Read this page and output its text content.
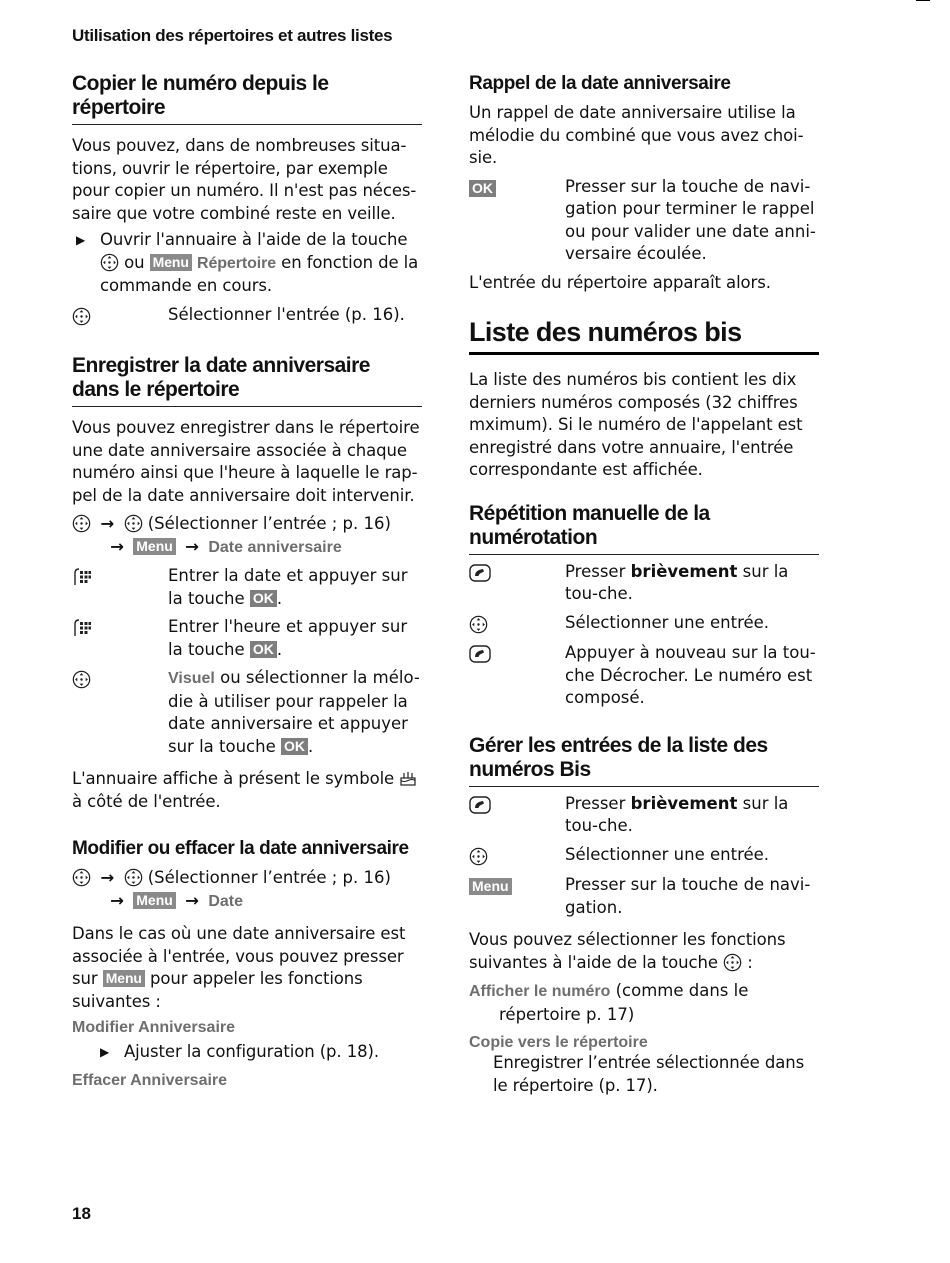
Utilisation des répertoires et autres listes
Copier le numéro depuis le répertoire

Vous pouvez, dans de nombreuses situa-tions, ouvrir le répertoire, par exemple pour copier un numéro. Il n'est pas néces-saire que votre combiné reste en veille.

▶ Ouvrir l'annuaire à l'aide de la touche  ou Menu Répertoire en fonction de la commande en cours.
Sélectionner l'entrée (p. 16).
Enregistrer la date anniversaire dans le répertoire

Vous pouvez enregistrer dans le répertoire une date anniversaire associée à chaque numéro ainsi que l'heure à laquelle le rap-pel de la date anniversaire doit intervenir.

→ (Sélectionner l’entrée ; p. 16)
→ Menu → Date anniversaire
Entrer la date et appuyer sur la touche OK .
Entrer l'heure et appuyer sur la touche OK .
Visuel ou sélectionner la mélo-die à utiliser pour rappeler la date anniversaire et appuyer sur la touche OK .

L'annuaire affiche à présent le symbole  à côté de l'entrée.

Modifier ou effacer la date anniversaire
→ (Sélectionner l’entrée ; p. 16)
→ Menu → Date

Dans le cas où une date anniversaire est associée à l'entrée, vous pouvez presser sur Menu pour appeler les fonctions suivantes :

Modifier Anniversaire
▶ Ajuster la configuration (p. 18).
Effacer Anniversaire
Rappel de la date anniversaire

Un rappel de date anniversaire utilise la mélodie du combiné que vous avez choi-sie.

OK	Presser sur la touche de navi-gation pour terminer le rappel ou pour valider une date anni-versaire écoulée.

L'entrée du répertoire apparaît alors.

Liste des numéros bis

La liste des numéros bis contient les dix derniers numéros composés (32 chiffres mximum). Si le numéro de l'appelant est enregistré dans votre annuaire, l'entrée correspondante est affichée.

Répétition manuelle de la numérotation
Presser brièvement sur la tou-che.
Sélectionner une entrée.
Appuyer à nouveau sur la tou-che Décrocher. Le numéro est composé.
Gérer les entrées de la liste des numéros Bis
Presser brièvement sur la tou-che.
Sélectionner une entrée.
Menu	Presser sur la touche de navi-gation.

Vous pouvez sélectionner les fonctions suivantes à l'aide de la touche :

Afficher le numéro (comme dans le répertoire p. 17)
Copie vers le répertoire
Enregistrer l’entrée sélectionnée dans le répertoire (p. 17).
18
